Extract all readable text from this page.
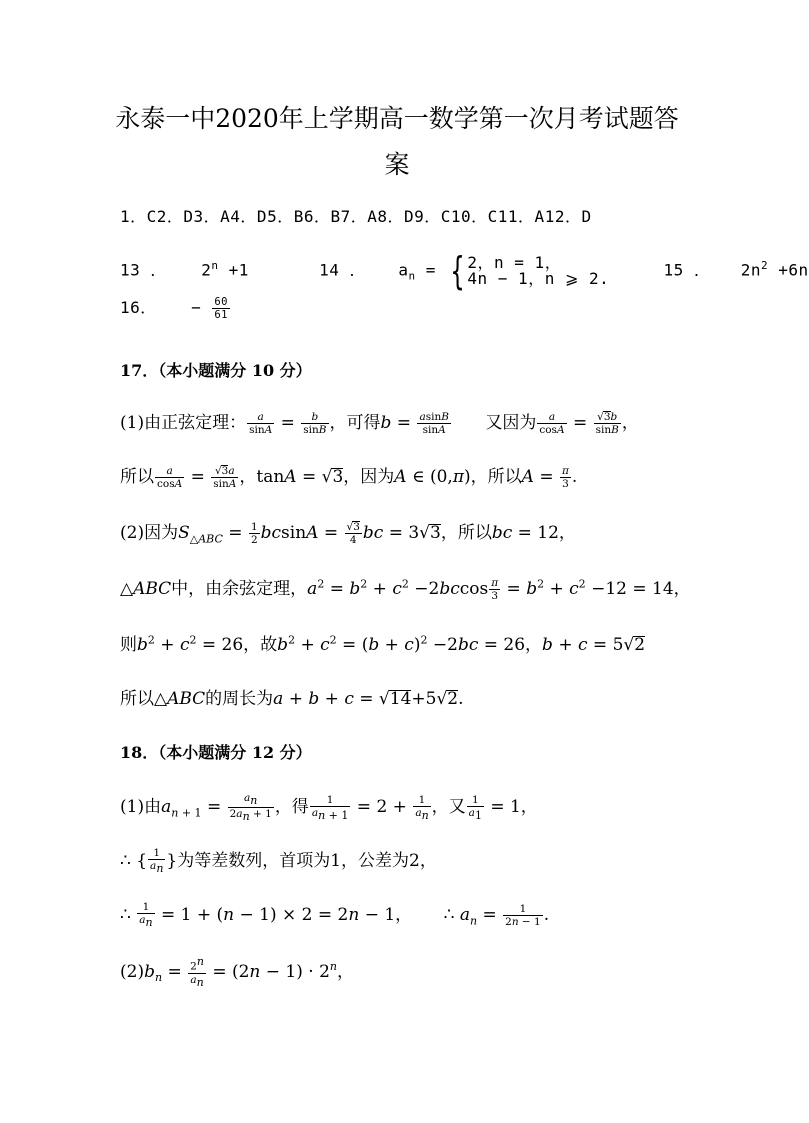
永泰一中2020年上学期高一数学第一次月考试题答
案
1．C2．D3．A4．D5．B6．B7．A8．D9．C10．C11．A12．D
13 ． $2^n +1$	14 ． $a_n$ = { 2，n = 1，
4n − 1，n ⩾ 2.	15 ． $2n^2 +6n$
16． − $\frac{60}{61}$
17．（本小题满分 10 分）
(1)由正弦定理： $\frac{a}{\sin A} = \frac{b}{\sin B}$ ，可得$b = \frac{asinB}{\sin A}$ 又因为 $\frac{a}{\cos A} = \frac{√3b}{\sin B}$ ，
所以 $\frac{a}{\cos A} = \frac{√3a}{\sin A}$ ，tanA = √3，因为A ∈ (0,π)，所以$A = \frac{\pi}{3}$ .
(2)因为$S_{\triangle ABC} = \frac{1}{2}$ $bcsinA = \frac{√3}{4}$ bc = 3√3，所以bc = 12，
△ABC中，由余弦定理，$a^2 = b^2 + c^2 -2bccos \frac{\pi}{3} = b^2 + c^2 -12 = 14$，
则$b^2 + c^2 = 26$，故$b^2 + c^2 = (b + c)^2 -2bc = 26$，b + c = 5√2
所以△ABC的周长为a + b + c = √14+5√2.
18．（本小题满分 12 分）
(1)由$a_{n + 1} = \frac{a_n}{2a_n + 1}$ ，得 $\frac{1}{a_{n + 1}} = 2 + \frac{1}{a_n}$ ，又 $\frac{1}{a_1} = 1$，
∴ { $\frac{1}{a_n}$ }为等差数列，首项为1，公差为2，
∴ $\frac{1}{a_n} = 1 + (n - 1) \times 2 = 2n - 1$， ∴ $a_n = \frac{1}{2n - 1}$ .
$(2)b_n = \frac{2^n}{a_n} = (2n - 1) \cdot 2^n$，
